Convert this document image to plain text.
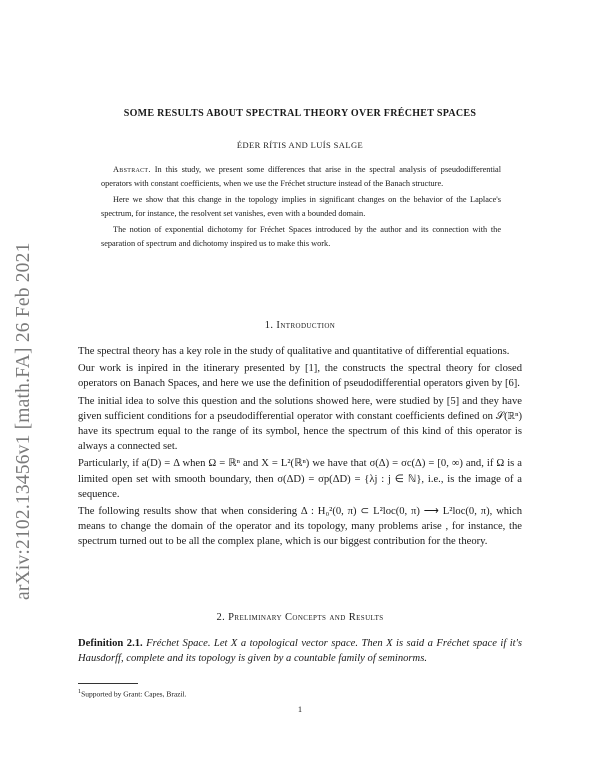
arXiv:2102.13456v1 [math.FA] 26 Feb 2021
SOME RESULTS ABOUT SPECTRAL THEORY OVER FRÉCHET SPACES
ÉDER RÍTIS AND LUÍS SALGE

Abstract. In this study, we present some differences that arise in the spectral analysis of pseudodifferential operators with constant coefficients, when we use the Fréchet structure instead of the Banach structure.

Here we show that this change in the topology implies in significant changes on the behavior of the Laplace's spectrum, for instance, the resolvent set vanishes, even with a bounded domain.

The notion of exponential dichotomy for Fréchet Spaces introduced by the author and its connection with the separation of spectrum and dichotomy inspired us to make this work.

1. Introduction

The spectral theory has a key role in the study of qualitative and quantitative of differential equations.

Our work is inpired in the itinerary presented by [1], the constructs the spectral theory for closed operators on Banach Spaces, and here we use the definition of pseudodifferential operators given by [6].

The initial idea to solve this question and the solutions showed here, were studied by [5] and they have given sufficient conditions for a pseudodifferential operator with constant coefficients defined on 𝒮(ℝⁿ) have its spectrum equal to the range of its symbol, hence the spectrum of this kind of this operator is always a connected set.

Particularly, if a(D) = Δ when Ω = ℝⁿ and X = L²(ℝⁿ) we have that σ(Δ) = σc(Δ) = [0, ∞) and, if Ω is a limited open set with smooth boundary, then σ(ΔD) = σp(ΔD) = {λj : j ∈ ℕ}, i.e., is the image of a sequence.

The following results show that when considering Δ : H₀²(0, π) ⊂ L²loc(0, π) ⟶ L²loc(0, π), which means to change the domain of the operator and its topology, many problems arise , for instance, the spectrum turned out to be all the complex plane, which is our biggest contribution for the theory.

2. Preliminary Concepts and Results
Definition 2.1. Fréchet Space. Let X a topological vector space. Then X is said a Fréchet space if it's Hausdorff, complete and its topology is given by a countable family of seminorms.
$^1$Supported by Grant: Capes, Brazil.
1
